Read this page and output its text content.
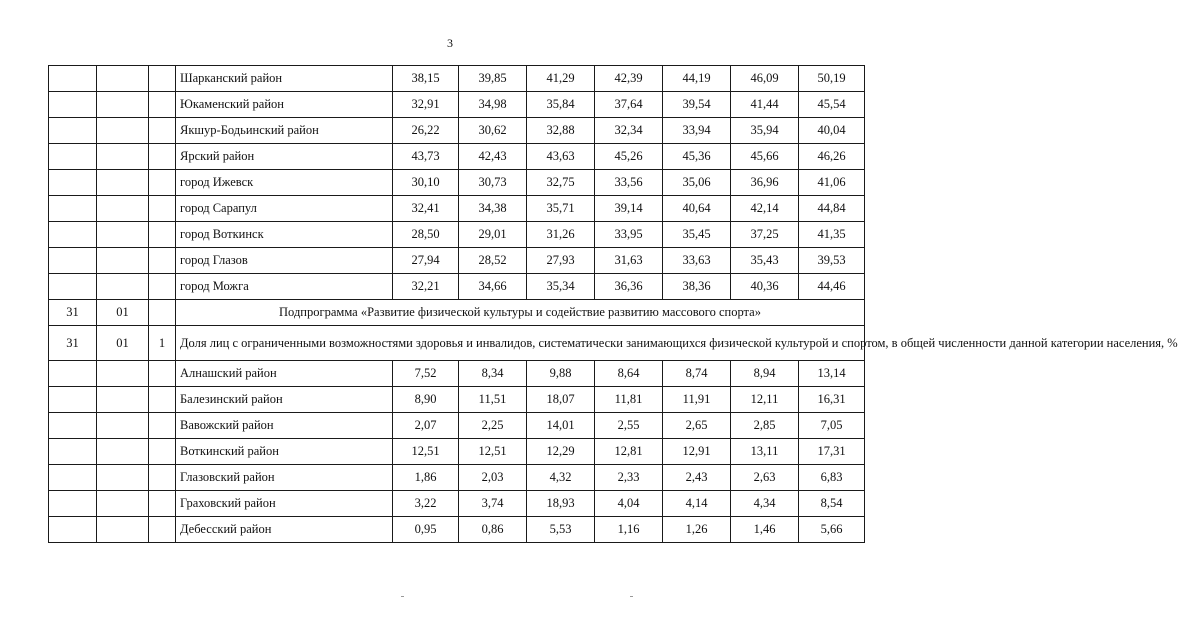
3
			Шарканский район	38,15	39,85	41,29	42,39	44,19	46,09	50,19
			Юкаменский район	32,91	34,98	35,84	37,64	39,54	41,44	45,54
			Якшур-Бодьинский район	26,22	30,62	32,88	32,34	33,94	35,94	40,04
			Ярский район	43,73	42,43	43,63	45,26	45,36	45,66	46,26
			город Ижевск	30,10	30,73	32,75	33,56	35,06	36,96	41,06
			город Сарапул	32,41	34,38	35,71	39,14	40,64	42,14	44,84
			город Воткинск	28,50	29,01	31,26	33,95	35,45	37,25	41,35
			город Глазов	27,94	28,52	27,93	31,63	33,63	35,43	39,53
			город Можга	32,21	34,66	35,34	36,36	38,36	40,36	44,46
31	01		Подпрограмма «Развитие физической культуры и содействие развитию массового спорта»							
31	01	1	Доля лиц с ограниченными возможностями здоровья и инвалидов, систематически занимающихся физической культурой и спортом, в общей численности данной категории населения, %							
			Алнашский район	7,52	8,34	9,88	8,64	8,74	8,94	13,14
			Балезинский район	8,90	11,51	18,07	11,81	11,91	12,11	16,31
			Вавожский район	2,07	2,25	14,01	2,55	2,65	2,85	7,05
			Воткинский район	12,51	12,51	12,29	12,81	12,91	13,11	17,31
			Глазовский район	1,86	2,03	4,32	2,33	2,43	2,63	6,83
			Граховский район	3,22	3,74	18,93	4,04	4,14	4,34	8,54
			Дебесский район	0,95	0,86	5,53	1,16	1,26	1,46	5,66
